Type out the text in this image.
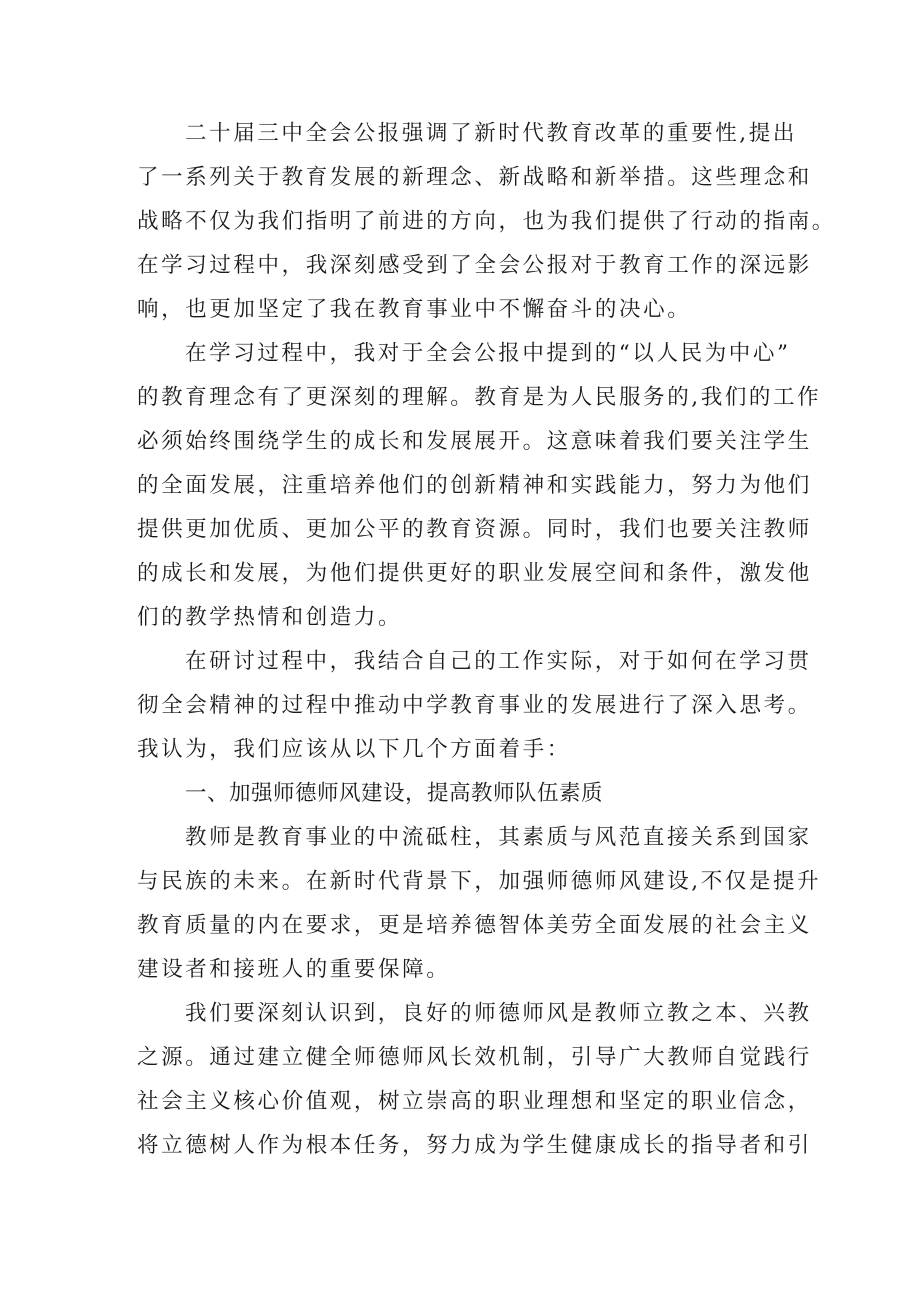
二十届三中全会公报强调了新时代教育改革的重要性,提出
了一系列关于教育发展的新理念、新战略和新举措。这些理念和
战略不仅为我们指明了前进的方向，也为我们提供了行动的指南。
在学习过程中，我深刻感受到了全会公报对于教育工作的深远影
响，也更加坚定了我在教育事业中不懈奋斗的决心。
在学习过程中，我对于全会公报中提到的“以人民为中心”
的教育理念有了更深刻的理解。教育是为人民服务的,我们的工作
必须始终围绕学生的成长和发展展开。这意味着我们要关注学生
的全面发展，注重培养他们的创新精神和实践能力，努力为他们
提供更加优质、更加公平的教育资源。同时，我们也要关注教师
的成长和发展，为他们提供更好的职业发展空间和条件，激发他
们的教学热情和创造力。
在研讨过程中，我结合自己的工作实际，对于如何在学习贯
彻全会精神的过程中推动中学教育事业的发展进行了深入思考。
我认为，我们应该从以下几个方面着手：
一、加强师德师风建设，提高教师队伍素质
教师是教育事业的中流砥柱，其素质与风范直接关系到国家
与民族的未来。在新时代背景下，加强师德师风建设,不仅是提升
教育质量的内在要求，更是培养德智体美劳全面发展的社会主义
建设者和接班人的重要保障。
我们要深刻认识到，良好的师德师风是教师立教之本、兴教
之源。通过建立健全师德师风长效机制，引导广大教师自觉践行
社会主义核心价值观，树立崇高的职业理想和坚定的职业信念，
将立德树人作为根本任务，努力成为学生健康成长的指导者和引
